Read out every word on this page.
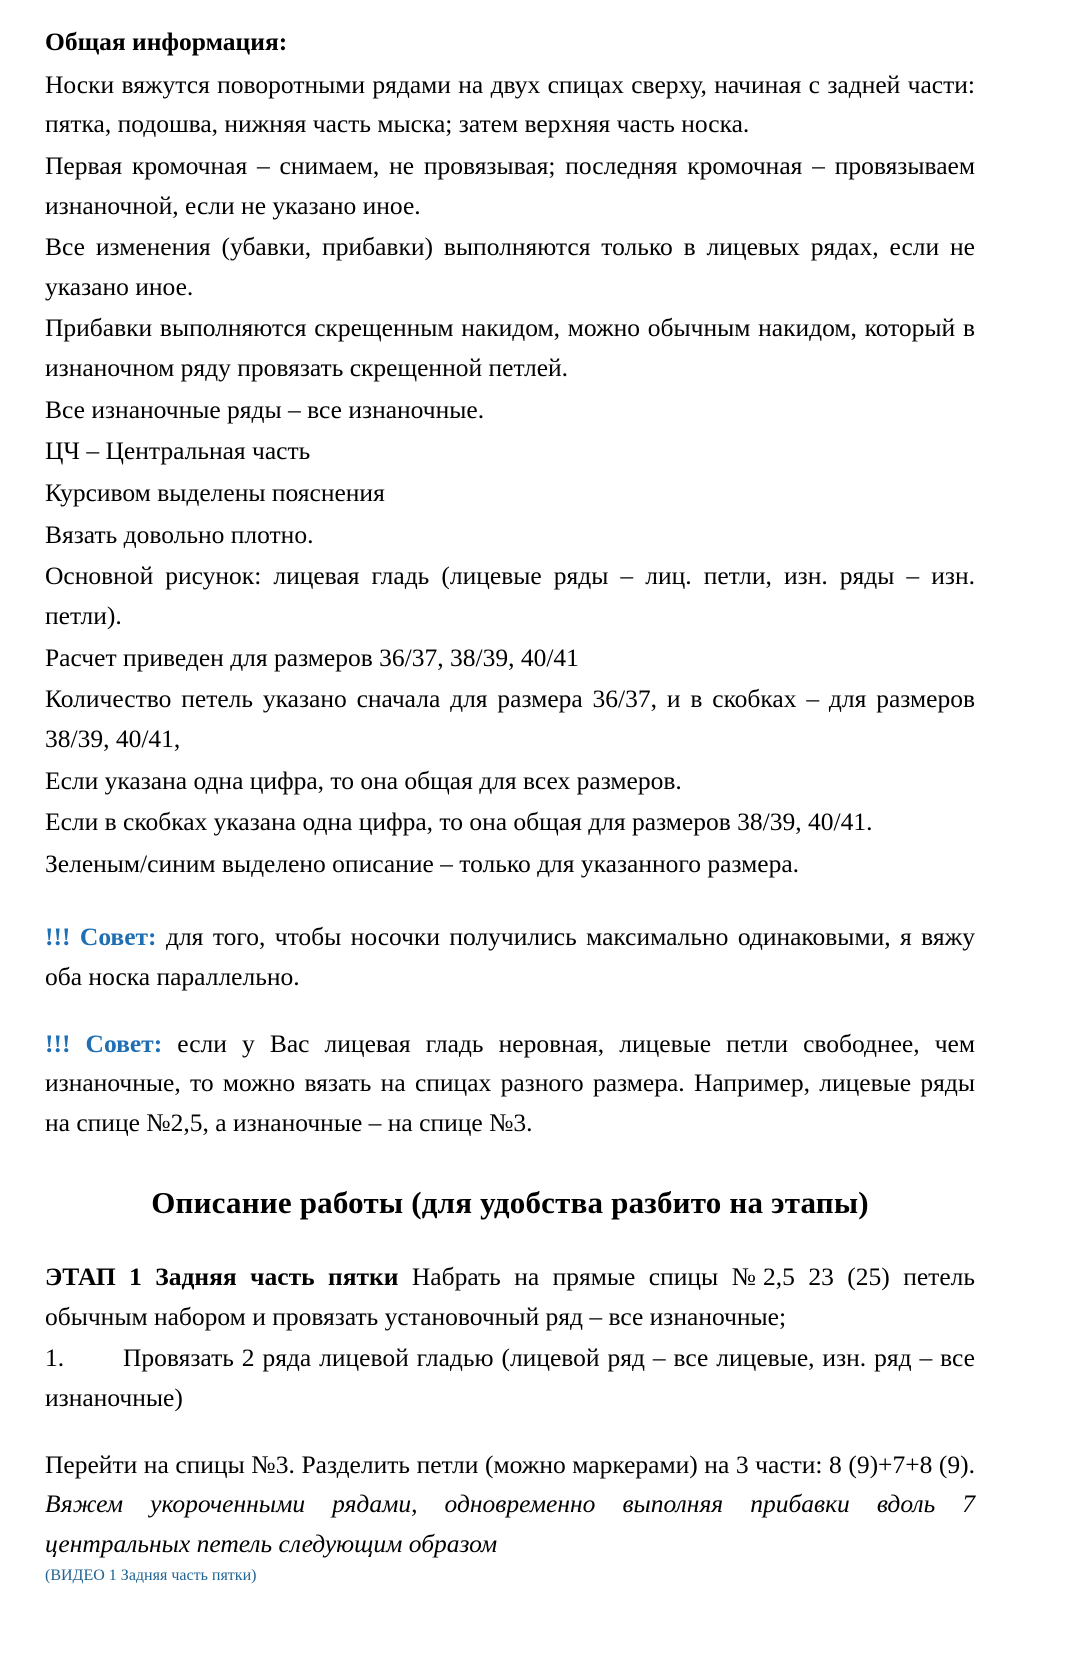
Общая информация:

Носки вяжутся поворотными рядами на двух спицах сверху, начиная с задней части: пятка, подошва, нижняя часть мыска; затем верхняя часть носка.

Первая кромочная – снимаем, не провязывая; последняя кромочная – провязываем изнаночной, если не указано иное.

Все изменения (убавки, прибавки) выполняются только в лицевых рядах, если не указано иное.

Прибавки выполняются скрещенным накидом, можно обычным накидом, который в изнаночном ряду провязать скрещенной петлей.

Все изнаночные ряды – все изнаночные.

ЦЧ – Центральная часть

Курсивом выделены пояснения

Вязать довольно плотно.

Основной рисунок: лицевая гладь (лицевые ряды – лиц. петли, изн. ряды – изн. петли).

Расчет приведен для размеров 36/37, 38/39, 40/41

Количество петель указано сначала для размера 36/37, и в скобках – для размеров 38/39, 40/41,

Если указана одна цифра, то она общая для всех размеров.

Если в скобках указана одна цифра, то она общая для размеров 38/39, 40/41.

Зеленым/синим выделено описание – только для указанного размера.

!!! Совет: для того, чтобы носочки получились максимально одинаковыми, я вяжу оба носка параллельно.

!!! Совет: если у Вас лицевая гладь неровная, лицевые петли свободнее, чем изнаночные, то можно вязать на спицах разного размера. Например, лицевые ряды на спице №2,5, а изнаночные – на спице №3.

Описание работы (для удобства разбито на этапы)

ЭТАП 1 Задняя часть пятки Набрать на прямые спицы №2,5 23 (25) петель обычным набором и провязать установочный ряд – все изнаночные;

1. Провязать 2 ряда лицевой гладью (лицевой ряд – все лицевые, изн. ряд – все изнаночные)

Перейти на спицы №3. Разделить петли (можно маркерами) на 3 части: 8 (9)+7+8 (9). Вяжем укороченными рядами, одновременно выполняя прибавки вдоль 7 центральных петель следующим образом

(ВИДЕО 1 Задняя часть пятки)
